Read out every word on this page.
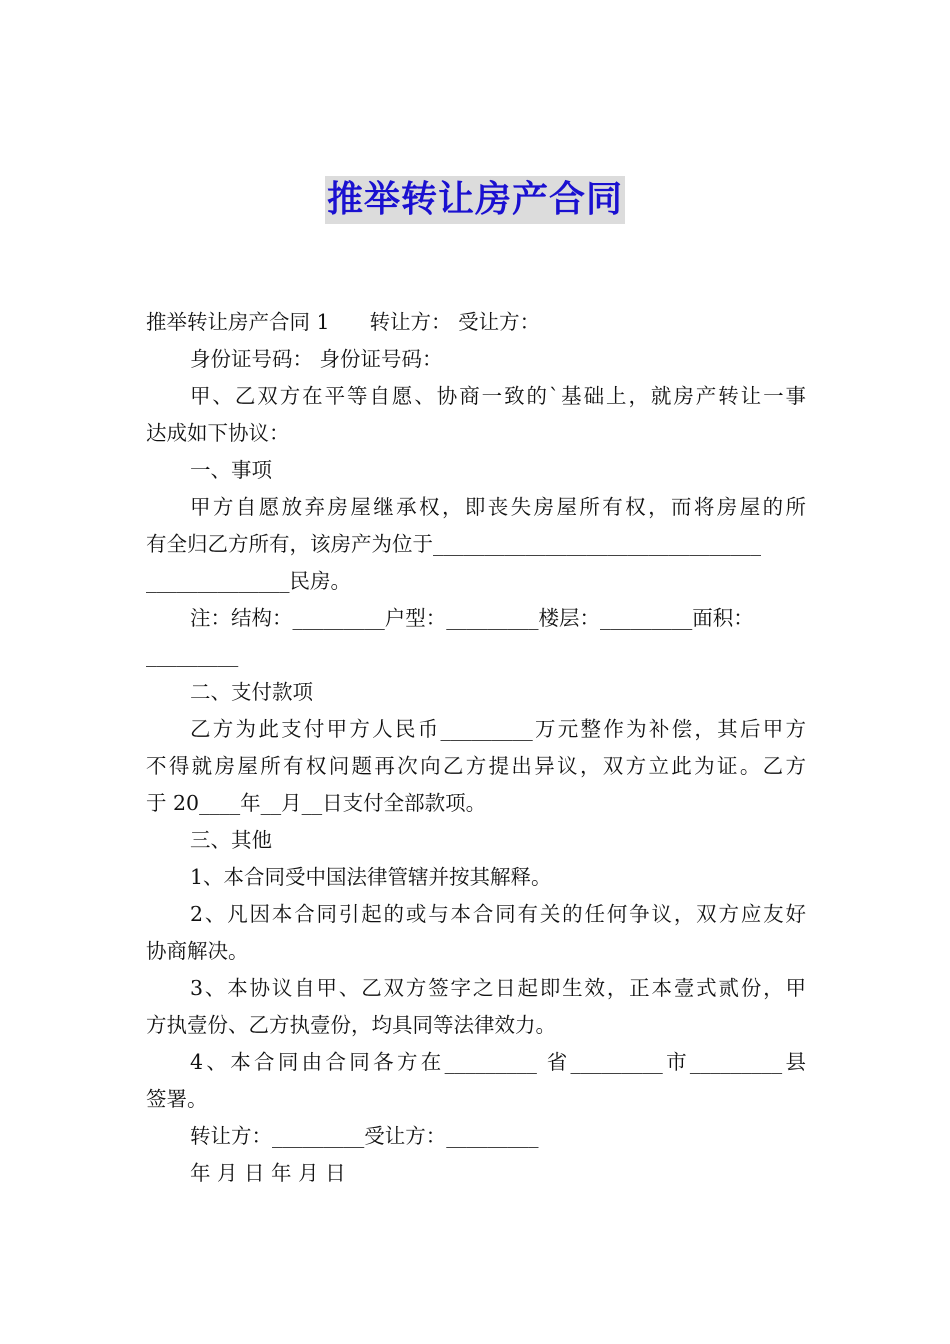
推举转让房产合同
推举转让房产合同 1 转让方： 受让方：
身份证号码： 身份证号码：
甲、乙双方在平等自愿、协商一致的`基础上，就房产转让一事
达成如下协议：
一、事项
甲方自愿放弃房屋继承权，即丧失房屋所有权，而将房屋的所
有全归乙方所有，该房产为位于________________________________
______________民房。
注：结构：_________户型：_________楼层：_________面积：
_________
二、支付款项
乙方为此支付甲方人民币_________万元整作为补偿，其后甲方
不得就房屋所有权问题再次向乙方提出异议，双方立此为证。乙方
于 20____年__月__日支付全部款项。
三、其他
1、本合同受中国法律管辖并按其解释。
2、凡因本合同引起的或与本合同有关的任何争议，双方应友好
协商解决。
3、本协议自甲、乙双方签字之日起即生效，正本壹式贰份，甲
方执壹份、乙方执壹份，均具同等法律效力。
4、本合同由合同各方在_________ 省_________市_________县
签署。
转让方：_________受让方：_________
年 月 日 年 月 日
